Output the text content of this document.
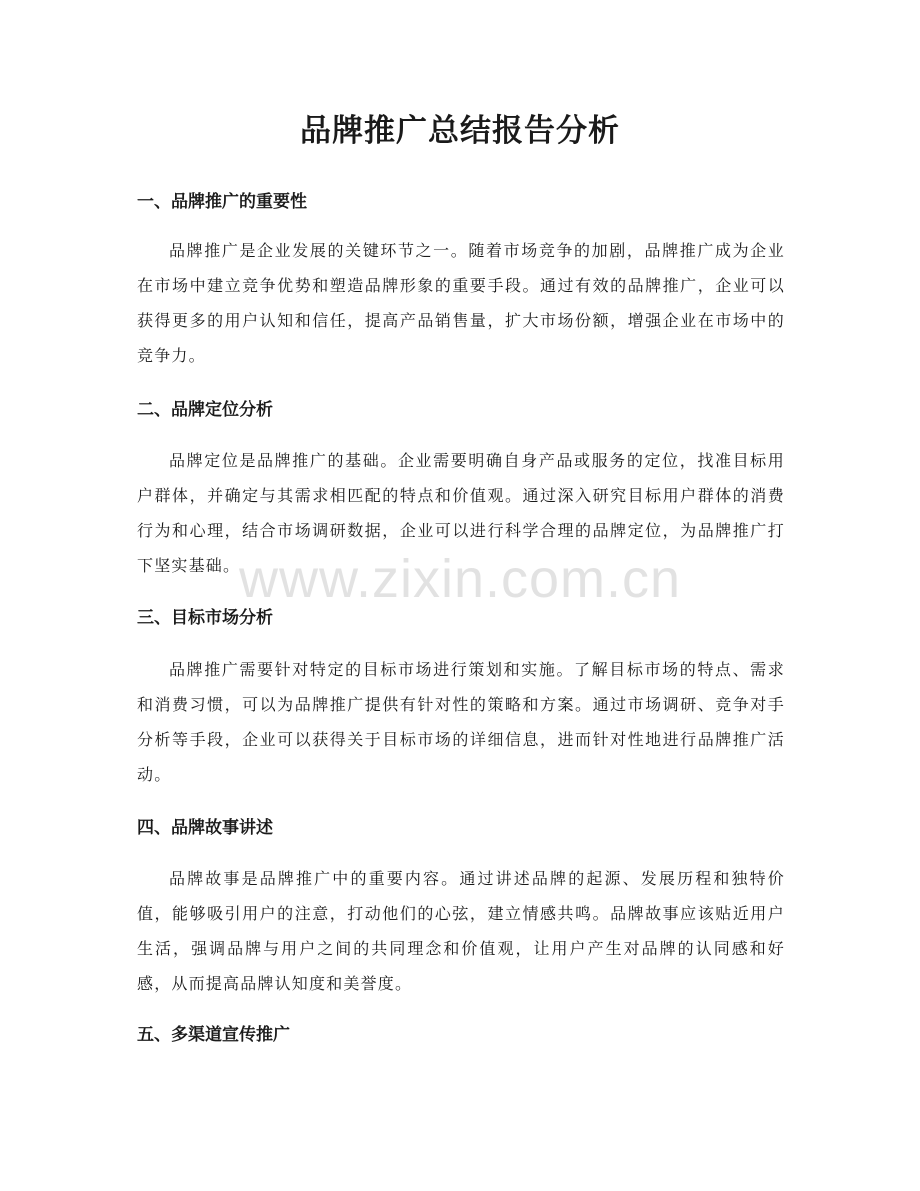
品牌推广总结报告分析
一、品牌推广的重要性

品牌推广是企业发展的关键环节之一。随着市场竞争的加剧，品牌推广成为企业在市场中建立竞争优势和塑造品牌形象的重要手段。通过有效的品牌推广，企业可以获得更多的用户认知和信任，提高产品销售量，扩大市场份额，增强企业在市场中的竞争力。

二、品牌定位分析

品牌定位是品牌推广的基础。企业需要明确自身产品或服务的定位，找准目标用户群体，并确定与其需求相匹配的特点和价值观。通过深入研究目标用户群体的消费行为和心理，结合市场调研数据，企业可以进行科学合理的品牌定位，为品牌推广打下坚实基础。

三、目标市场分析

品牌推广需要针对特定的目标市场进行策划和实施。了解目标市场的特点、需求和消费习惯，可以为品牌推广提供有针对性的策略和方案。通过市场调研、竞争对手分析等手段，企业可以获得关于目标市场的详细信息，进而针对性地进行品牌推广活动。

四、品牌故事讲述

品牌故事是品牌推广中的重要内容。通过讲述品牌的起源、发展历程和独特价值，能够吸引用户的注意，打动他们的心弦，建立情感共鸣。品牌故事应该贴近用户生活，强调品牌与用户之间的共同理念和价值观，让用户产生对品牌的认同感和好感，从而提高品牌认知度和美誉度。

五、多渠道宣传推广
www.zixin.com.cn
